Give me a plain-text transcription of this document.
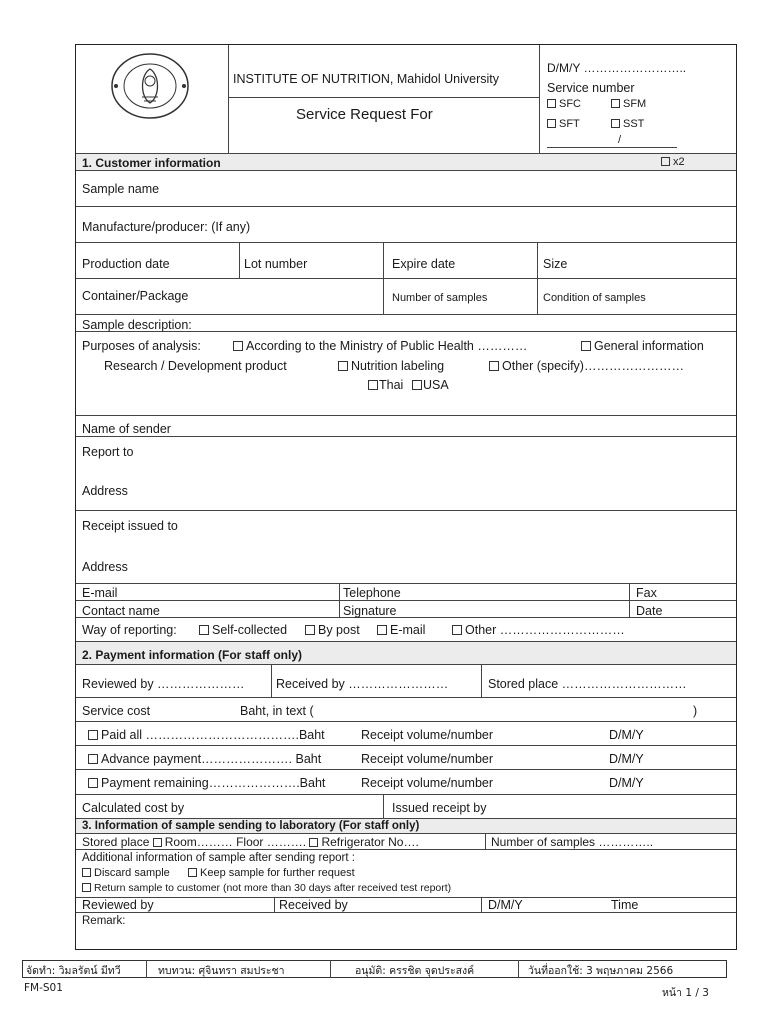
INSTITUTE OF NUTRITION, Mahidol University
Service Request For
D/M/Y ……………………..
Service number
SFC	SFM
SFT	SST
/
1. Customer information	x2
Sample name
Manufacture/producer: (If any)
Production date	Lot number	Expire date	Size
Container/Package	Number of samples	Condition of samples
Sample description:
Purposes of analysis:	According to the Ministry of Public Health …………	General information
Research / Development product	Nutrition labeling	Other (specify)……………………
Thai	USA
Name of sender
Report to
Address
Receipt issued to
Address
E-mail	Telephone	Fax
Contact name	Signature	Date
Way of reporting:	Self-collected	By post	E-mail	Other …………………………
2. Payment information (For staff only)
Reviewed by …………………	Received by ……………………	Stored place …………………………
Service cost	Baht, in text (	)
Paid all ……………………………….Baht	Receipt volume/number	D/M/Y
Advance payment…………………. Baht	Receipt volume/number	D/M/Y
Payment remaining………………….Baht	Receipt volume/number	D/M/Y
Calculated cost by	Issued receipt by
3. Information of sample sending to laboratory (For staff only)
Stored place Room……… Floor ………. Refrigerator No….	Number of samples …………..
Additional information of sample after sending report :
Discard sample	Keep sample for further request
Return sample to customer (not more than 30 days after received test report)
Reviewed by	Received by	D/M/Y	Time
Remark:
จัดทำ: วิมลรัตน์ มีทวี	ทบทวน: ศุจินทรา สมประชา	อนุมัติ: ครรชิต จุดประสงค์	วันที่ออกใช้: 3 พฤษภาคม 2566
FM-S01	หน้า 1 / 3
